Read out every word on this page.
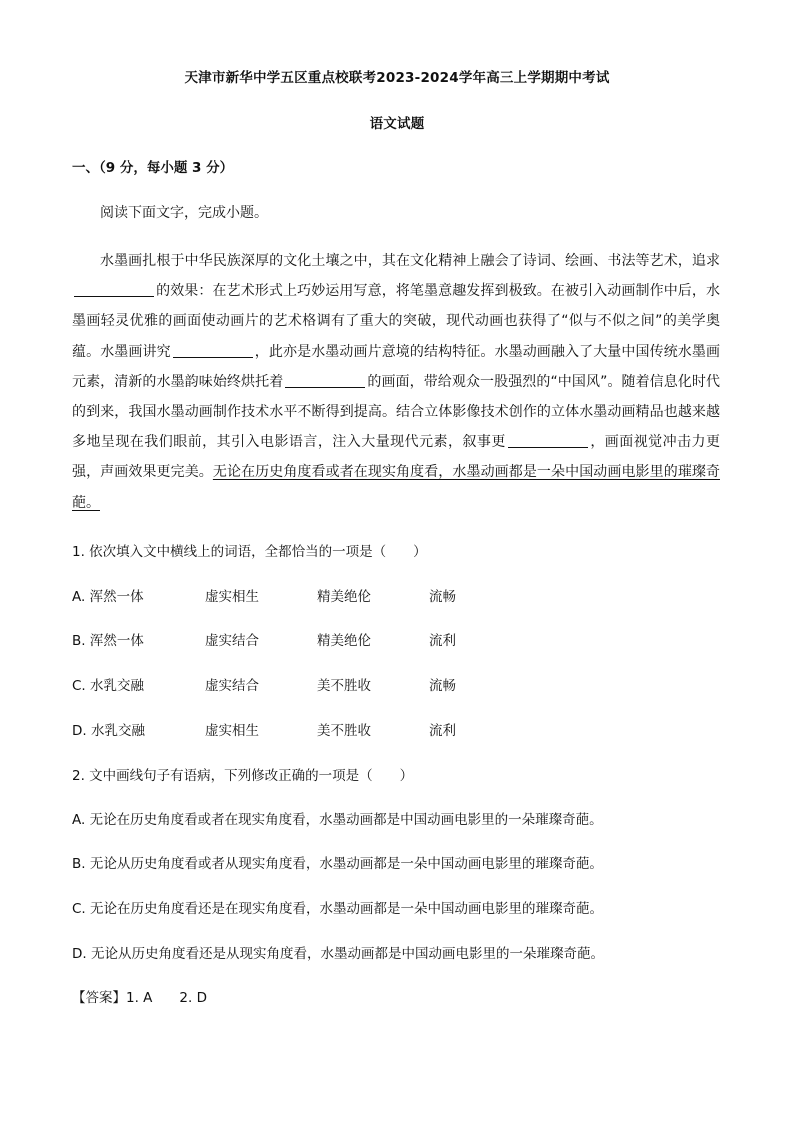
天津市新华中学五区重点校联考2023-2024学年高三上学期期中考试
语文试题
一、（9 分，每小题 3 分）
阅读下面文字，完成小题。
水墨画扎根于中华民族深厚的文化土壤之中，其在文化精神上融会了诗词、绘画、书法等艺术，追求的效果：在艺术形式上巧妙运用写意，将笔墨意趣发挥到极致。在被引入动画制作中后，水墨画轻灵优雅的画面使动画片的艺术格调有了重大的突破，现代动画也获得了“似与不似之间”的美学奥蕴。水墨画讲究	，此亦是水墨动画片意境的结构特征。水墨动画融入了大量中国传统水墨画元素，清新的水墨韵味始终烘托着	的画面，带给观众一股强烈的“中国风”。随着信息化时代的到来，我国水墨动画制作技术水平不断得到提高。结合立体影像技术创作的立体水墨动画精品也越来越多地呈现在我们眼前，其引入电影语言，注入大量现代元素，叙事更	，画面视觉冲击力更强，声画效果更完美。无论在历史角度看或者在现实角度看，水墨动画都是一朵中国动画电影里的璀璨奇葩。
1. 依次填入文中横线上的词语，全都恰当的一项是（　　）
A. 浑然一体	虚实相生	精美绝伦	流畅
B. 浑然一体	虚实结合	精美绝伦	流利
C. 水乳交融	虚实结合	美不胜收	流畅
D. 水乳交融	虚实相生	美不胜收	流利
2. 文中画线句子有语病，下列修改正确的一项是（　　）
A. 无论在历史角度看或者在现实角度看，水墨动画都是中国动画电影里的一朵璀璨奇葩。
B. 无论从历史角度看或者从现实角度看，水墨动画都是一朵中国动画电影里的璀璨奇葩。
C. 无论在历史角度看还是在现实角度看，水墨动画都是一朵中国动画电影里的璀璨奇葩。
D. 无论从历史角度看还是从现实角度看，水墨动画都是中国动画电影里的一朵璀璨奇葩。
【答案】1. A　　2. D
